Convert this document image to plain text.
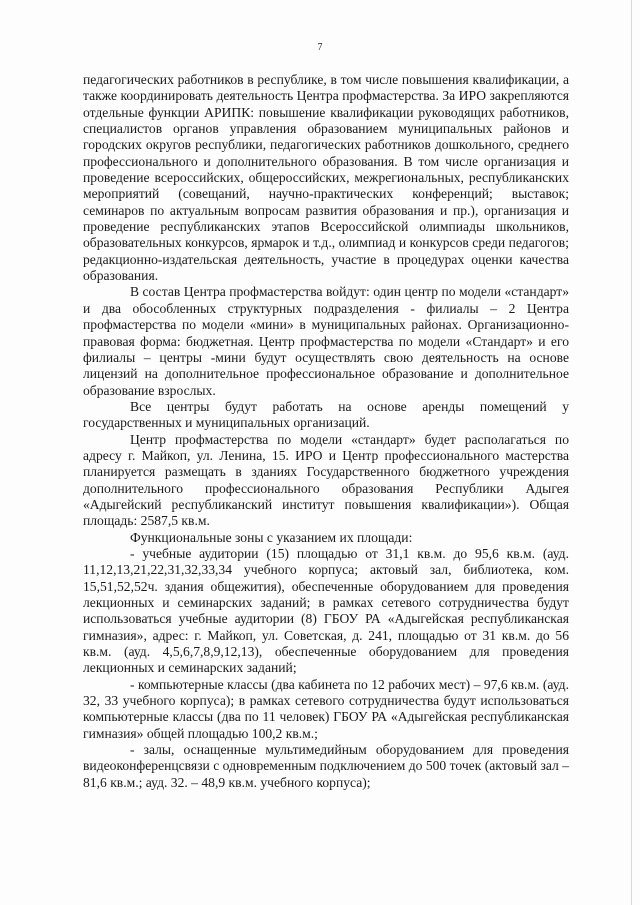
7

педагогических работников в республике, в том числе повышения квалификации, а также координировать деятельность Центра профмастерства. За ИРО закрепляются отдельные функции АРИПК: повышение квалификации руководящих работников, специалистов органов управления образованием муниципальных районов и городских округов республики, педагогических работников дошкольного, среднего профессионального и дополнительного образования. В том числе организация и проведение всероссийских, общероссийских, межрегиональных, республиканских мероприятий (совещаний, научно-практических конференций; выставок; семинаров по актуальным вопросам развития образования и пр.), организация и проведение республиканских этапов Всероссийской олимпиады школьников, образовательных конкурсов, ярмарок и т.д., олимпиад и конкурсов среди педагогов; редакционно-издательская деятельность, участие в процедурах оценки качества образования.

В состав Центра профмастерства войдут: один центр по модели «стандарт» и два обособленных структурных подразделения - филиалы – 2 Центра профмастерства по модели «мини» в муниципальных районах. Организационно-правовая форма: бюджетная. Центр профмастерства по модели «Стандарт» и его филиалы – центры -мини будут осуществлять свою деятельность на основе лицензий на дополнительное профессиональное образование и дополнительное образование взрослых.

Все центры будут работать на основе аренды помещений у государственных и муниципальных организаций.

Центр профмастерства по модели «стандарт» будет располагаться по адресу г. Майкоп, ул. Ленина, 15. ИРО и Центр профессионального мастерства планируется размещать в зданиях Государственного бюджетного учреждения дополнительного профессионального образования Республики Адыгея «Адыгейский республиканский институт повышения квалификации»). Общая площадь: 2587,5 кв.м.

Функциональные зоны с указанием их площади:

- учебные аудитории (15) площадью от 31,1 кв.м. до 95,6 кв.м. (ауд. 11,12,13,21,22,31,32,33,34 учебного корпуса; актовый зал, библиотека, ком. 15,51,52,52ч. здания общежития), обеспеченные оборудованием для проведения лекционных и семинарских заданий; в рамках сетевого сотрудничества будут использоваться учебные аудитории (8) ГБОУ РА «Адыгейская республиканская гимназия», адрес: г. Майкоп, ул. Советская, д. 241, площадью от 31 кв.м. до 56 кв.м. (ауд. 4,5,6,7,8,9,12,13), обеспеченные оборудованием для проведения лекционных и семинарских заданий;

- компьютерные классы (два кабинета по 12 рабочих мест) – 97,6 кв.м. (ауд. 32, 33 учебного корпуса); в рамках сетевого сотрудничества будут использоваться компьютерные классы (два по 11 человек) ГБОУ РА «Адыгейская республиканская гимназия» общей площадью 100,2 кв.м.;

- залы, оснащенные мультимедийным оборудованием для проведения видеоконференцсвязи с одновременным подключением до 500 точек (актовый зал – 81,6 кв.м.; ауд. 32. – 48,9 кв.м. учебного корпуса);
